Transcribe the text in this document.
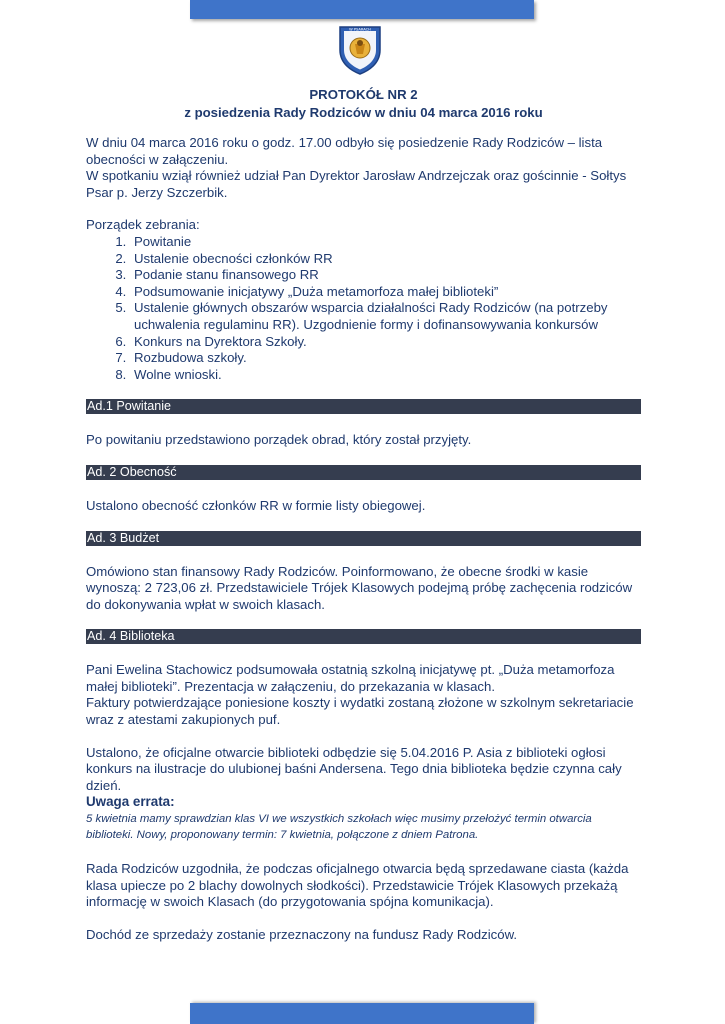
W PSARACH
PROTOKÓŁ NR 2
z posiedzenia Rady Rodziców w dniu 04 marca 2016 roku

W dniu 04 marca 2016 roku o godz. 17.00 odbyło się posiedzenie Rady Rodziców – lista obecności w załączeniu.

W spotkaniu wziął również udział Pan Dyrektor Jarosław Andrzejczak oraz gościnnie - Sołtys Psar p. Jerzy Szczerbik.

Porządek zebrania:

1. Powitanie
2. Ustalenie obecności członków RR
3. Podanie stanu finansowego RR
4. Podsumowanie inicjatywy „Duża metamorfoza małej biblioteki”
5. Ustalenie głównych obszarów wsparcia działalności Rady Rodziców (na potrzeby uchwalenia regulaminu RR). Uzgodnienie formy i dofinansowywania konkursów
6. Konkurs na Dyrektora Szkoły.
7. Rozbudowa szkoły.
8. Wolne wnioski.
Ad.1 Powitanie

Po powitaniu przedstawiono porządek obrad, który został przyjęty.

Ad. 2 Obecność

Ustalono obecność członków RR w formie listy obiegowej.

Ad. 3 Budżet

Omówiono stan finansowy Rady Rodziców. Poinformowano, że obecne środki w kasie wynoszą: 2 723,06 zł. Przedstawiciele Trójek Klasowych podejmą próbę zachęcenia rodziców do dokonywania wpłat w swoich klasach.

Ad. 4 Biblioteka

Pani Ewelina Stachowicz podsumowała ostatnią szkolną inicjatywę pt. „Duża metamorfoza małej biblioteki”. Prezentacja w załączeniu, do przekazania w klasach.

Faktury potwierdzające poniesione koszty i wydatki zostaną złożone w szkolnym sekretariacie wraz z atestami zakupionych puf.

Ustalono, że oficjalne otwarcie biblioteki odbędzie się 5.04.2016 P. Asia z biblioteki ogłosi konkurs na ilustracje do ulubionej baśni Andersena. Tego dnia biblioteka będzie czynna cały dzień.

Uwaga errata:

5 kwietnia mamy sprawdzian klas VI we wszystkich szkołach więc musimy przełożyć termin otwarcia biblioteki. Nowy, proponowany termin: 7 kwietnia, połączone z dniem Patrona.

Rada Rodziców uzgodniła, że podczas oficjalnego otwarcia będą sprzedawane ciasta (każda klasa upiecze po 2 blachy dowolnych słodkości). Przedstawicie Trójek Klasowych przekażą informację w swoich Klasach (do przygotowania spójna komunikacja).

Dochód ze sprzedaży zostanie przeznaczony na fundusz Rady Rodziców.
